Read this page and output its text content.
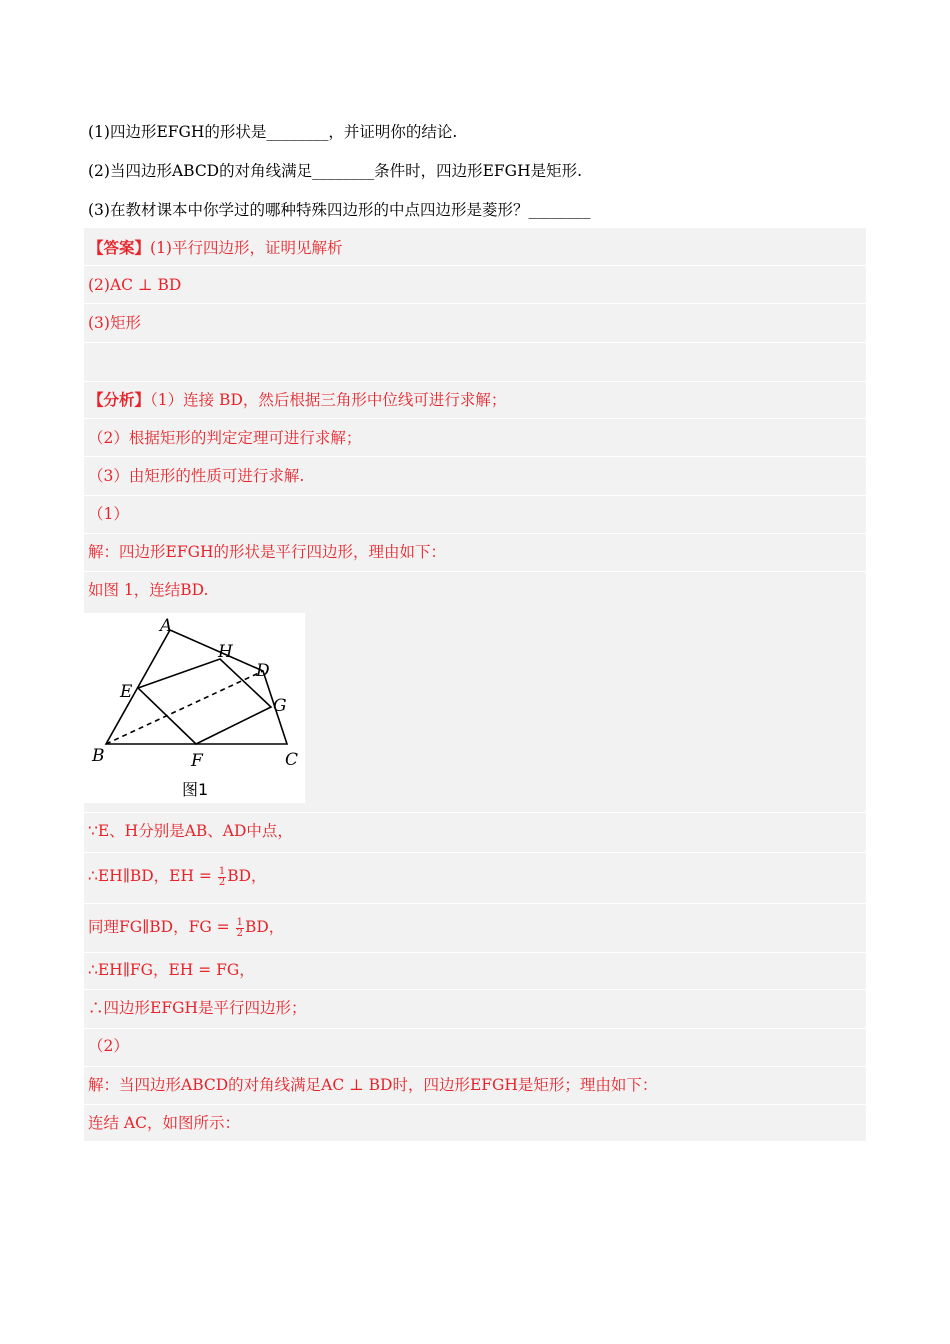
(1)四边形EFGH的形状是________，并证明你的结论.
(2)当四边形ABCD的对角线满足________条件时，四边形EFGH是矩形.
(3)在教材课本中你学过的哪种特殊四边形的中点四边形是菱形？________
【答案】(1)平行四边形，证明见解析
(2)AC ⊥ BD
(3)矩形
【分析】（1）连接 BD，然后根据三角形中位线可进行求解；
（2）根据矩形的判定定理可进行求解；
（3）由矩形的性质可进行求解.
（1）
解：四边形EFGH的形状是平行四边形，理由如下：
如图 1，连结BD.
A
B	C
D
E
F
G
H
图1
∵E、H分别是AB、AD中点，
∴EH∥BD，EH = $\frac{1}{2}$ BD，
同理FG∥BD，FG = $\frac{1}{2}$ BD，
∴EH∥FG，EH = FG，
∴四边形EFGH是平行四边形；
（2）
解：当四边形ABCD的对角线满足AC ⊥ BD时，四边形EFGH是矩形；理由如下：
连结 AC，如图所示：
